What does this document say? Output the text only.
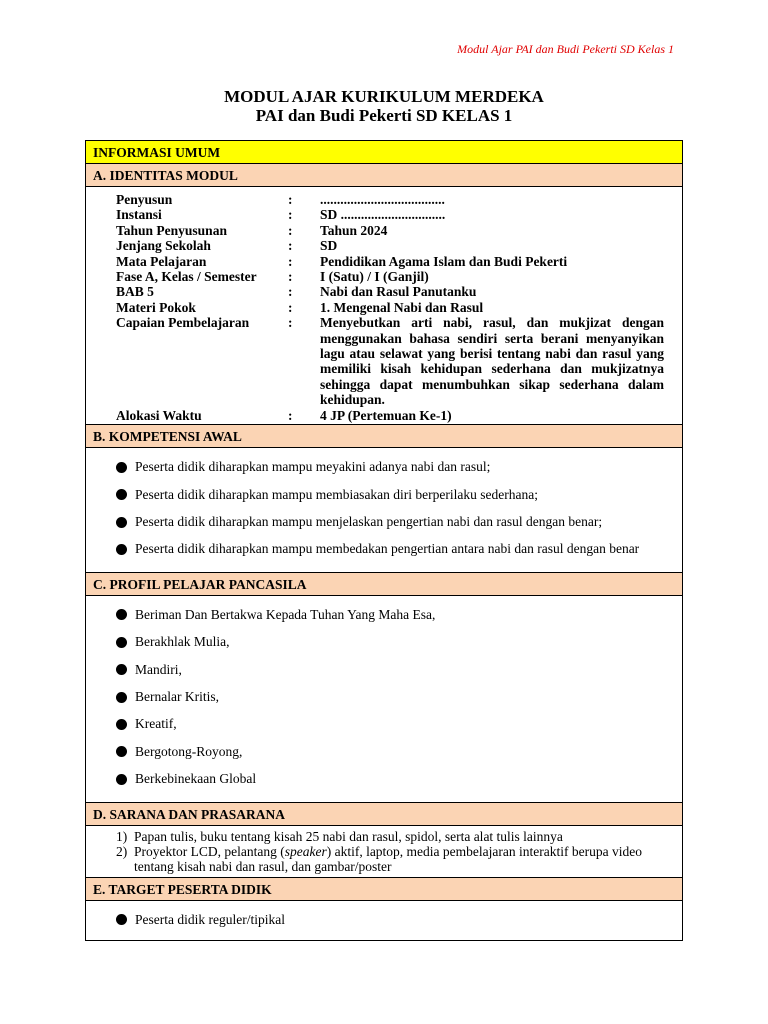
Modul Ajar PAI dan Budi Pekerti SD Kelas 1
MODUL AJAR KURIKULUM MERDEKA
PAI dan Budi Pekerti SD KELAS 1
INFORMASI UMUM
A. IDENTITAS MODUL
Penyusun	:	.....................................
Instansi	:	SD ...............................
Tahun Penyusunan	:	Tahun 2024
Jenjang Sekolah	:	SD
Mata Pelajaran	:	Pendidikan Agama Islam dan Budi Pekerti
Fase A, Kelas / Semester	:	I (Satu) / I (Ganjil)
BAB 5	:	Nabi dan Rasul Panutanku
Materi Pokok	:	1. Mengenal Nabi dan Rasul
Capaian Pembelajaran	:	Menyebutkan arti nabi, rasul, dan mukjizat dengan menggunakan bahasa sendiri serta berani menyanyikan lagu atau selawat yang berisi tentang nabi dan rasul yang memiliki kisah kehidupan sederhana dan mukjizatnya sehingga dapat menumbuhkan sikap sederhana dalam kehidupan.
Alokasi Waktu	:	4 JP (Pertemuan Ke-1)
B. KOMPETENSI AWAL
Peserta didik diharapkan mampu meyakini adanya nabi dan rasul;
Peserta didik diharapkan mampu membiasakan diri berperilaku sederhana;
Peserta didik diharapkan mampu menjelaskan pengertian nabi dan rasul dengan benar;
Peserta didik diharapkan mampu membedakan pengertian antara nabi dan rasul dengan benar
C. PROFIL PELAJAR PANCASILA
Beriman Dan Bertakwa Kepada Tuhan Yang Maha Esa,
Berakhlak Mulia,
Mandiri,
Bernalar Kritis,
Kreatif,
Bergotong-Royong,
Berkebinekaan Global
D. SARANA DAN PRASARANA
1) Papan tulis, buku tentang kisah 25 nabi dan rasul, spidol, serta alat tulis lainnya
2) Proyektor LCD, pelantang (speaker) aktif, laptop, media pembelajaran interaktif berupa video tentang kisah nabi dan rasul, dan gambar/poster
E. TARGET PESERTA DIDIK
Peserta didik reguler/tipikal
